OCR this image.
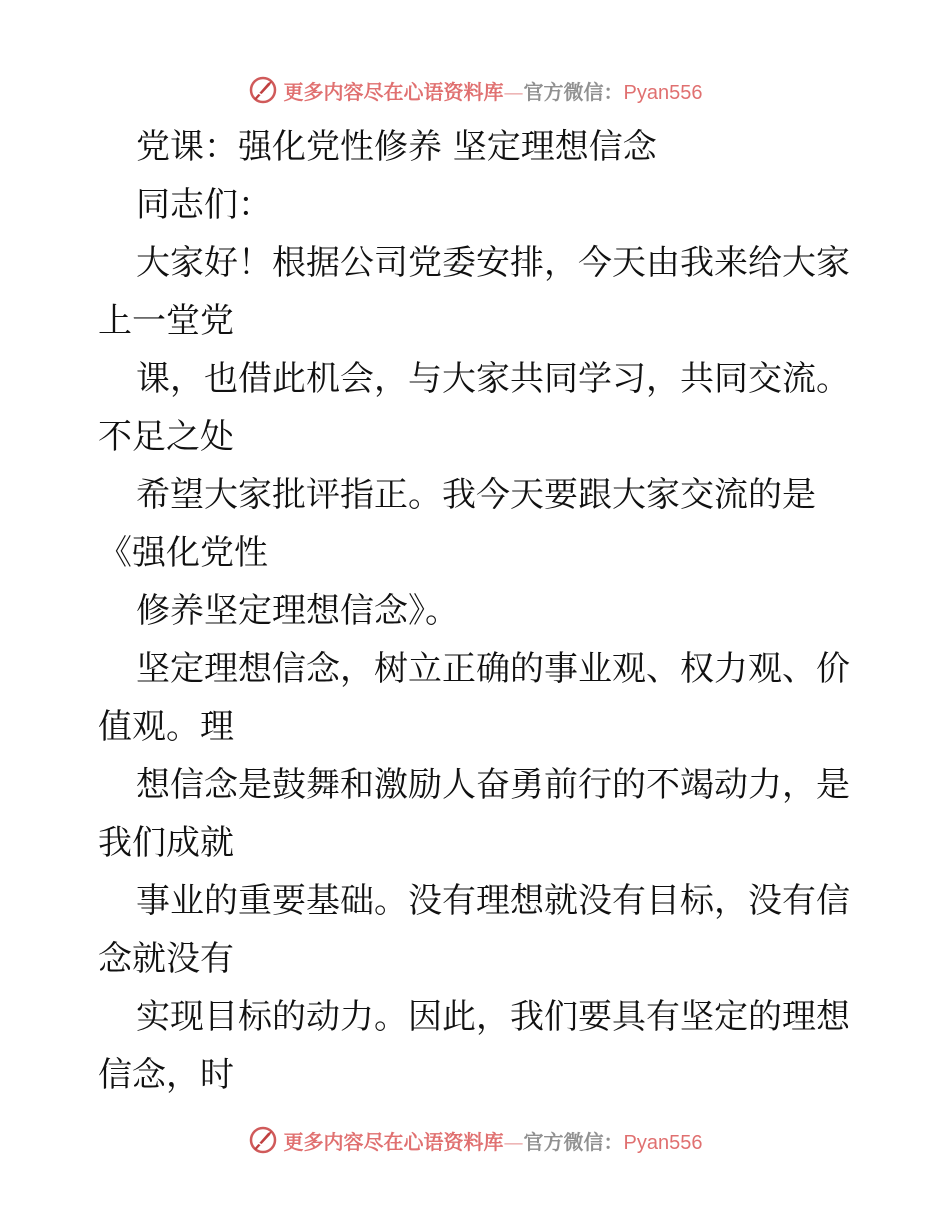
更多内容尽在心语资料库—官方微信：Pyan556
党课：强化党性修养 坚定理想信念
同志们：
大家好！根据公司党委安排，今天由我来给大家
上一堂党
课，也借此机会，与大家共同学习，共同交流。
不足之处
希望大家批评指正。我今天要跟大家交流的是
《强化党性
修养坚定理想信念》。
坚定理想信念，树立正确的事业观、权力观、价
值观。理
想信念是鼓舞和激励人奋勇前行的不竭动力，是
我们成就
事业的重要基础。没有理想就没有目标，没有信
念就没有
实现目标的动力。因此，我们要具有坚定的理想
信念，时
更多内容尽在心语资料库—官方微信：Pyan556
